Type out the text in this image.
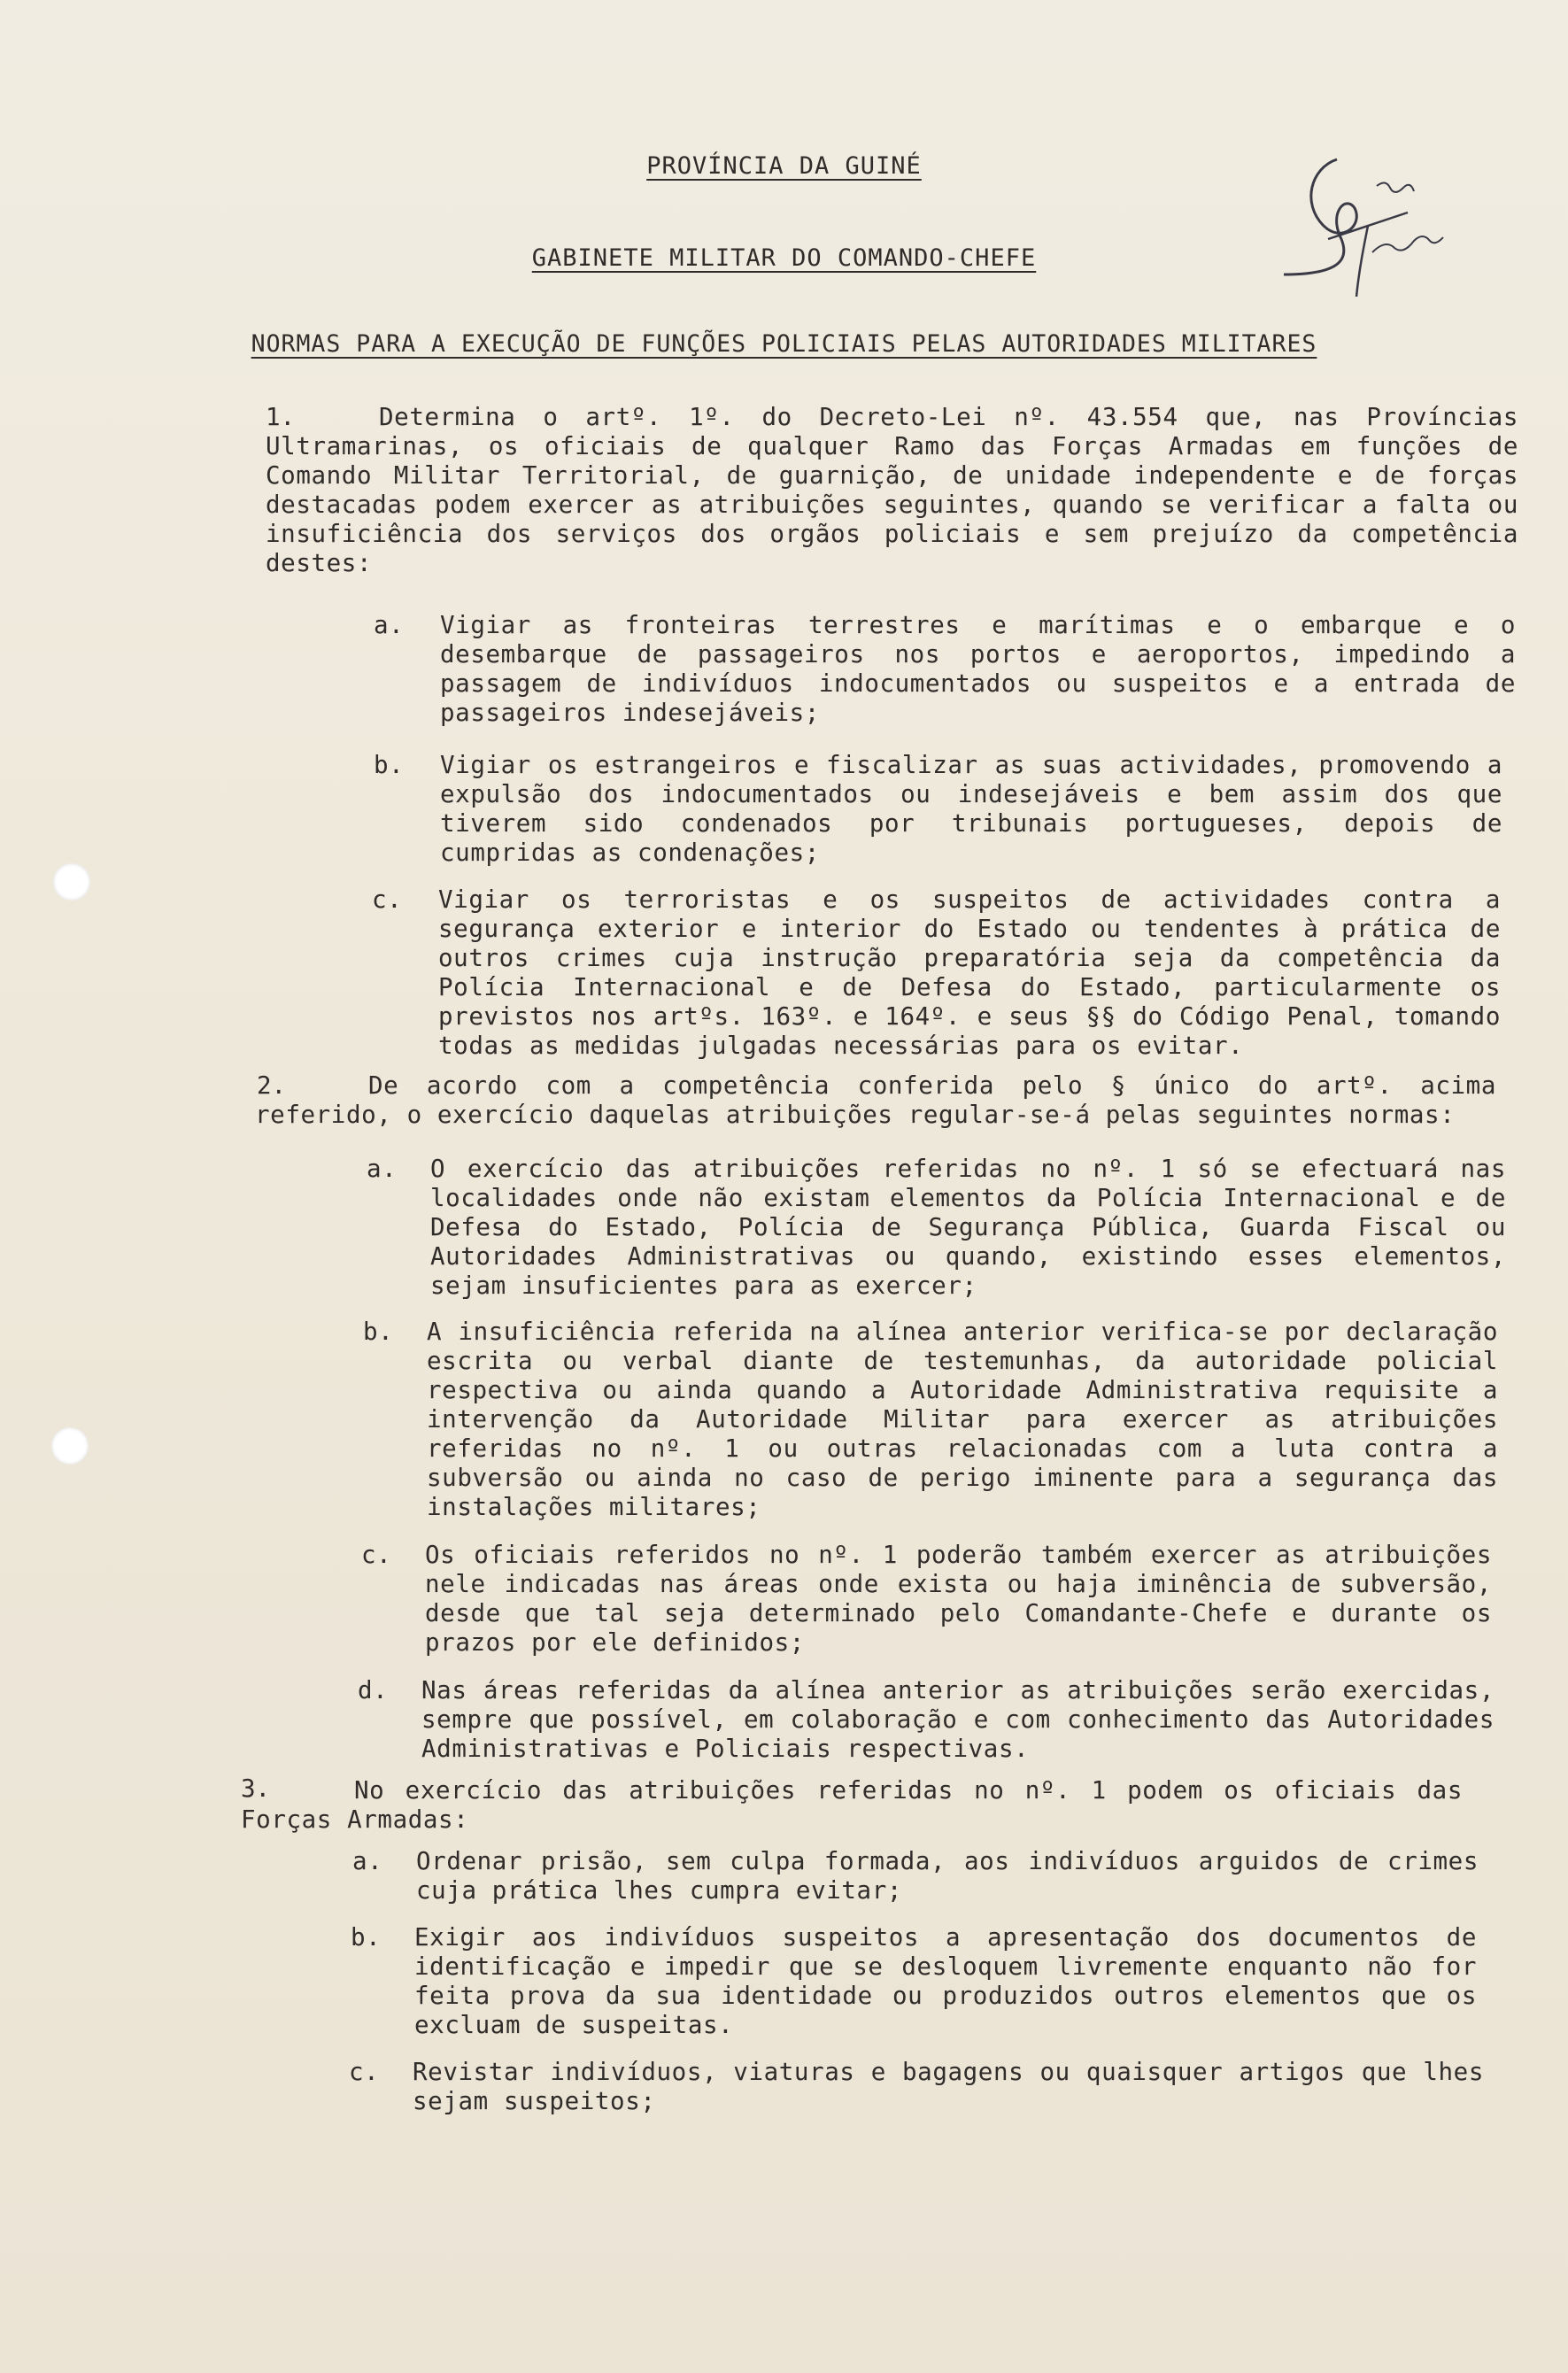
PROVÍNCIA DA GUINÉ
GABINETE MILITAR DO COMANDO-CHEFE
NORMAS PARA A EXECUÇÃO DE FUNÇÕES POLICIAIS PELAS AUTORIDADES MILITARES
1.	Determina o artº. 1º. do Decreto-Lei nº. 43.554 que, nas Províncias Ultramarinas, os oficiais de qualquer Ramo das Forças Armadas em funções de Comando Militar Territorial, de guarnição, de unidade independente e de forças destacadas podem exercer as atribuições seguintes, quando se verificar a falta ou insuficiência dos serviços dos orgãos policiais e sem prejuízo da competência destes:
a. Vigiar as fronteiras terrestres e marítimas e o embarque e o desembarque de passageiros nos portos e aeroportos, impedindo a passagem de indivíduos indocumentados ou suspeitos e a entrada de passageiros indesejáveis;
b. Vigiar os estrangeiros e fiscalizar as suas actividades, promovendo a expulsão dos indocumentados ou indesejáveis e bem assim dos que tiverem sido condenados por tribunais portugueses, depois de cumpridas as condenações;
c. Vigiar os terroristas e os suspeitos de actividades contra a segurança exterior e interior do Estado ou tendentes à prática de outros crimes cuja instrução preparatória seja da competência da Polícia Internacional e de Defesa do Estado, particularmente os previstos nos artºs. 163º. e 164º. e seus §§ do Código Penal, tomando todas as medidas julgadas necessárias para os evitar.
2.	De acordo com a competência conferida pelo § único do artº. acima referido, o exercício daquelas atribuições regular-se-á pelas seguintes normas:
a. O exercício das atribuições referidas no nº. 1 só se efectuará nas localidades onde não existam elementos da Polícia Internacional e de Defesa do Estado, Polícia de Segurança Pública, Guarda Fiscal ou Autoridades Administrativas ou quando, existindo esses elementos, sejam insuficientes para as exercer;
b. A insuficiência referida na alínea anterior verifica-se por declaração escrita ou verbal diante de testemunhas, da autoridade policial respectiva ou ainda quando a Autoridade Administrativa requisite a intervenção da Autoridade Militar para exercer as atribuições referidas no nº. 1 ou outras relacionadas com a luta contra a subversão ou ainda no caso de perigo iminente para a segurança das instalações militares;
c. Os oficiais referidos no nº. 1 poderão também exercer as atribuições nele indicadas nas áreas onde exista ou haja iminência de subversão, desde que tal seja determinado pelo Comandante-Chefe e durante os prazos por ele definidos;
d. Nas áreas referidas da alínea anterior as atribuições serão exercidas, sempre que possível, em colaboração e com conhecimento das Autoridades Administrativas e Policiais respectivas.
3.	No exercício das atribuições referidas no nº. 1 podem os oficiais das Forças Armadas:
a. Ordenar prisão, sem culpa formada, aos indivíduos arguidos de crimes cuja prática lhes cumpra evitar;
b. Exigir aos indivíduos suspeitos a apresentação dos documentos de identificação e impedir que se desloquem livremente enquanto não for feita prova da sua identidade ou produzidos outros elementos que os excluam de suspeitas.
c. Revistar indivíduos, viaturas e bagagens ou quaisquer artigos que lhes sejam suspeitos;
